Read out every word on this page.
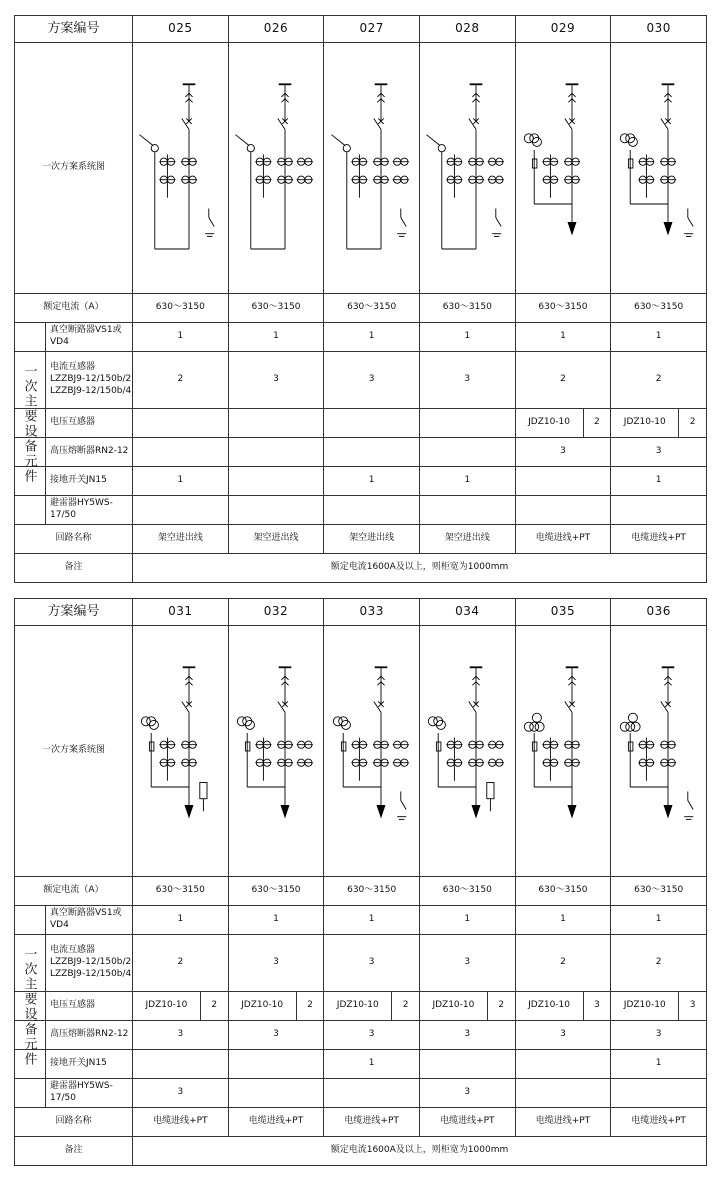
方案编号	025	026	027	028	029	030
一次方案系统图	

额定电流（A）	630～3150	630～3150	630～3150	630～3150	630～3150	630～3150

真空断路器VS1或VD4	1	1	1	1	1	1

电流互感器
LZZBJ9-12/150b/2
LZZBJ9-12/150b/4	2	3	3	3	2	2

电压互感器					JDZ10-10 2	JDZ10-10 2

高压熔断器RN2-12					3	3

接地开关JN15	1		1	1		1

避雷器HY5WS-17/50						

回路名称	架空进出线	架空进出线	架空进出线	架空进出线	电缆进线+PT	电缆进线+PT
备注	额定电流1600A及以上，则柜宽为1000mm					
方案编号	031	032	033	034	035	036
一次方案系统图	

额定电流（A）	630～3150	630～3150	630～3150	630～3150	630～3150	630～3150

真空断路器VS1或VD4	1	1	1	1	1	1

电流互感器
LZZBJ9-12/150b/2
LZZBJ9-12/150b/4	2	3	3	3	2	2

电压互感器	JDZ10-10 2	JDZ10-10 2	JDZ10-10 2	JDZ10-10 2	JDZ10-10 3	JDZ10-10 3

高压熔断器RN2-12	3	3	3	3	3	3

接地开关JN15			1			1

避雷器HY5WS-17/50	3			3		
回路名称	电缆进线+PT	电缆进线+PT	电缆进线+PT	电缆进线+PT	电缆进线+PT	电缆进线+PT
备注	额定电流1600A及以上，则柜宽为1000mm					
一次主要设备元件
一次主要设备元件
